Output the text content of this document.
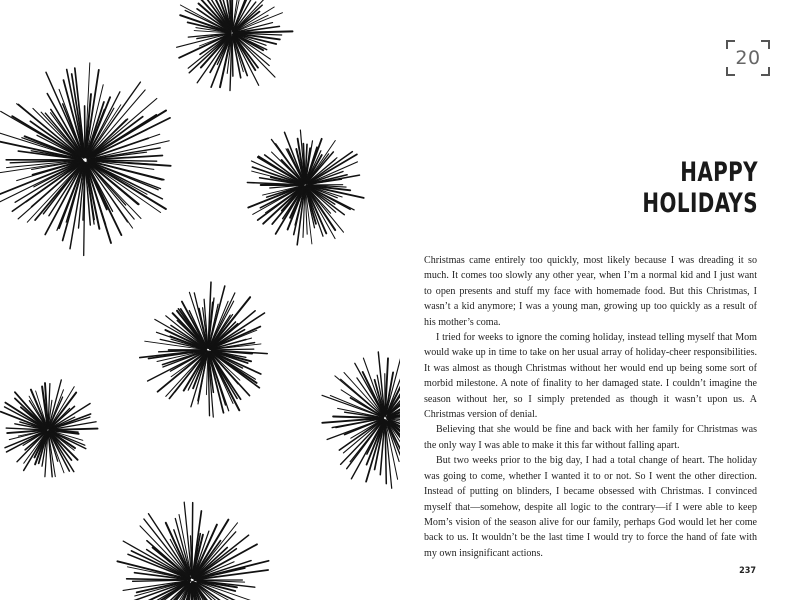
20
HAPPY HOLIDAYS

Christmas came entirely too quickly, most likely because I was dreading it so much. It comes too slowly any other year, when I’m a normal kid and I just want to open presents and stuff my face with homemade food. But this Christmas, I wasn’t a kid anymore; I was a young man, growing up too quickly as a result of his mother’s coma.

I tried for weeks to ignore the coming holiday, instead telling myself that Mom would wake up in time to take on her usual array of holiday-cheer responsibilities. It was almost as though Christmas without her would end up being some sort of morbid milestone. A note of finality to her damaged state. I couldn’t imagine the season without her, so I simply pretended as though it wasn’t upon us. A Christmas version of denial.

Believing that she would be fine and back with her family for Christmas was the only way I was able to make it this far without falling apart.

But two weeks prior to the big day, I had a total change of heart. The holiday was going to come, whether I wanted it to or not. So I went the other direction. Instead of putting on blinders, I became obsessed with Christmas. I convinced myself that—somehow, despite all logic to the contrary—if I were able to keep Mom’s vision of the season alive for our family, perhaps God would let her come back to us. It wouldn’t be the last time I would try to force the hand of fate with my own insignificant actions.

237
